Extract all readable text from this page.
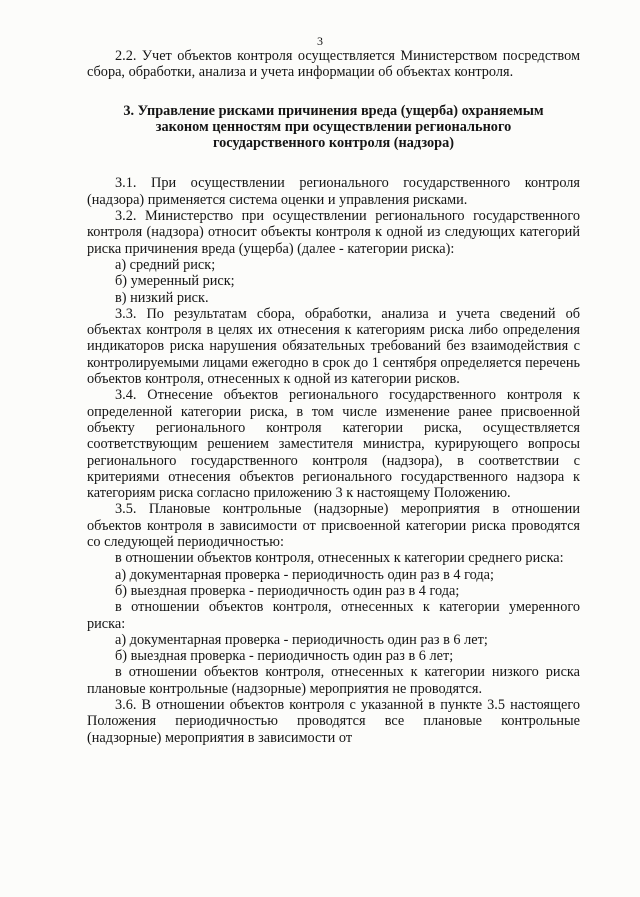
3

2.2. Учет объектов контроля осуществляется Министерством посредством сбора, обработки, анализа и учета информации об объектах контроля.

3. Управление рисками причинения вреда (ущерба) охраняемым законом ценностям при осуществлении регионального государственного контроля (надзора)

3.1. При осуществлении регионального государственного контроля (надзора) применяется система оценки и управления рисками.

3.2. Министерство при осуществлении регионального государственного контроля (надзора) относит объекты контроля к одной из следующих категорий риска причинения вреда (ущерба) (далее - категории риска):

а) средний риск;

б) умеренный риск;

в) низкий риск.

3.3. По результатам сбора, обработки, анализа и учета сведений об объектах контроля в целях их отнесения к категориям риска либо определения индикаторов риска нарушения обязательных требований без взаимодействия с контролируемыми лицами ежегодно в срок до 1 сентября определяется перечень объектов контроля, отнесенных к одной из категории рисков.

3.4. Отнесение объектов регионального государственного контроля к определенной категории риска, в том числе изменение ранее присвоенной объекту регионального контроля категории риска, осуществляется соответствующим решением заместителя министра, курирующего вопросы регионального государственного контроля (надзора), в соответствии с критериями отнесения объектов регионального государственного надзора к категориям риска согласно приложению 3 к настоящему Положению.

3.5. Плановые контрольные (надзорные) мероприятия в отношении объектов контроля в зависимости от присвоенной категории риска проводятся со следующей периодичностью:

в отношении объектов контроля, отнесенных к категории среднего риска:

а) документарная проверка - периодичность один раз в 4 года;

б) выездная проверка - периодичность один раз в 4 года;

в отношении объектов контроля, отнесенных к категории умеренного риска:

а) документарная проверка - периодичность один раз в 6 лет;

б) выездная проверка - периодичность один раз в 6 лет;

в отношении объектов контроля, отнесенных к категории низкого риска плановые контрольные (надзорные) мероприятия не проводятся.

3.6. В отношении объектов контроля с указанной в пункте 3.5 настоящего Положения периодичностью проводятся все плановые контрольные (надзорные) мероприятия в зависимости от
